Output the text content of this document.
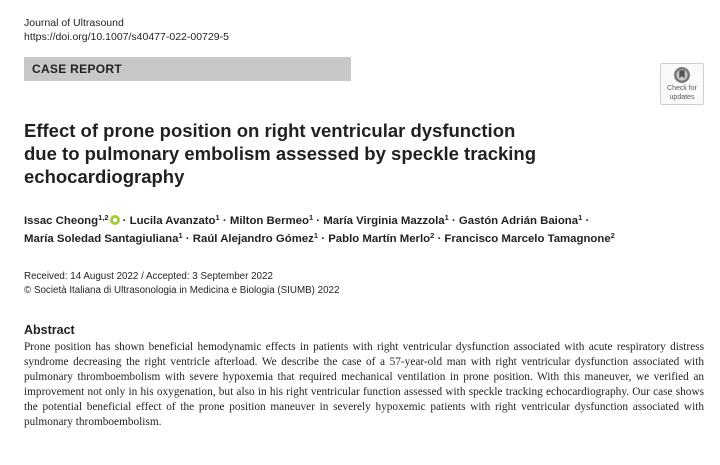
Journal of Ultrasound
https://doi.org/10.1007/s40477-022-00729-5
CASE REPORT
Check for
updates
Effect of prone position on right ventricular dysfunction
due to pulmonary embolism assessed by speckle tracking
echocardiography
Issac Cheong$^{1,2}$ · Lucila Avanzato$^1$ · Milton Bermeo$^1$ · María Virginia Mazzola$^1$ · Gastón Adrián Baiona$^1$ ·
María Soledad Santagiuliana$^1$ · Raúl Alejandro Gómez$^1$ · Pablo Martín Merlo$^2$ · Francisco Marcelo Tamagnone$^2$
Received: 14 August 2022 / Accepted: 3 September 2022
© Società Italiana di Ultrasonologia in Medicina e Biologia (SIUMB) 2022
Abstract
Prone position has shown beneficial hemodynamic effects in patients with right ventricular dysfunction associated with acute respiratory distress syndrome decreasing the right ventricle afterload. We describe the case of a 57-year-old man with right ventricular dysfunction associated with pulmonary thromboembolism with severe hypoxemia that required mechanical ventilation in prone position. With this maneuver, we verified an improvement not only in his oxygenation, but also in his right ventricular function assessed with speckle tracking echocardiography. Our case shows the potential beneficial effect of the prone position maneuver in severely hypoxemic patients with right ventricular dysfunction associated with pulmonary thromboembolism.
